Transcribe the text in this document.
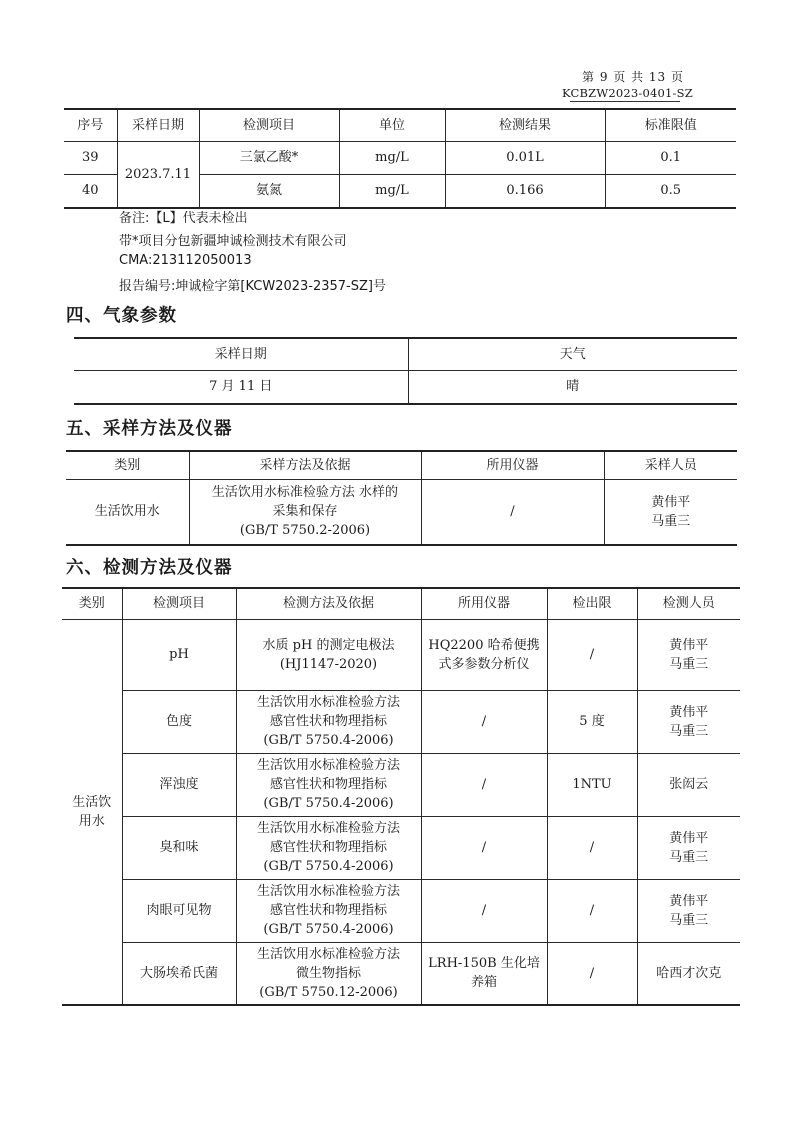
第 9 页 共 13 页
KCBZW2023-0401-SZ
序号	采样日期	检测项目	单位	检测结果	标准限值
39	2023.7.11	三氯乙酸*	mg/L	0.01L	0.1
40		氨氮	mg/L	0.166	0.5
备注:【L】代表未检出
带*项目分包新疆坤诚检测技术有限公司
CMA:213112050013
报告编号:坤诚检字第[KCW2023-2357-SZ]号
四、气象参数
采样日期	天气
7 月 11 日	晴
五、采样方法及仪器
类别	采样方法及依据	所用仪器	采样人员
生活饮用水	生活饮用水标准检验方法 水样的
采集和保存
(GB/T 5750.2-2006)	/	黄伟平
马重三
六、检测方法及仪器
类别	检测项目	检测方法及依据	所用仪器	检出限	检测人员

生活饮
用水	pH	水质 pH 的测定电极法
(HJ1147-2020)	HQ2200 哈希便携
式多参数分析仪	/	黄伟平
马重三

	色度	生活饮用水标准检验方法
感官性状和物理指标
(GB/T 5750.4-2006)	/	5 度	黄伟平
马重三

	浑浊度	生活饮用水标准检验方法
感官性状和物理指标
(GB/T 5750.4-2006)	/	1NTU	张闳云

	臭和味	生活饮用水标准检验方法
感官性状和物理指标
(GB/T 5750.4-2006)	/	/	黄伟平
马重三

	肉眼可见物	生活饮用水标准检验方法
感官性状和物理指标
(GB/T 5750.4-2006)	/	/	黄伟平
马重三

	大肠埃希氏菌	生活饮用水标准检验方法
微生物指标
(GB/T 5750.12-2006)	LRH-150B 生化培
养箱	/	哈西才次克
